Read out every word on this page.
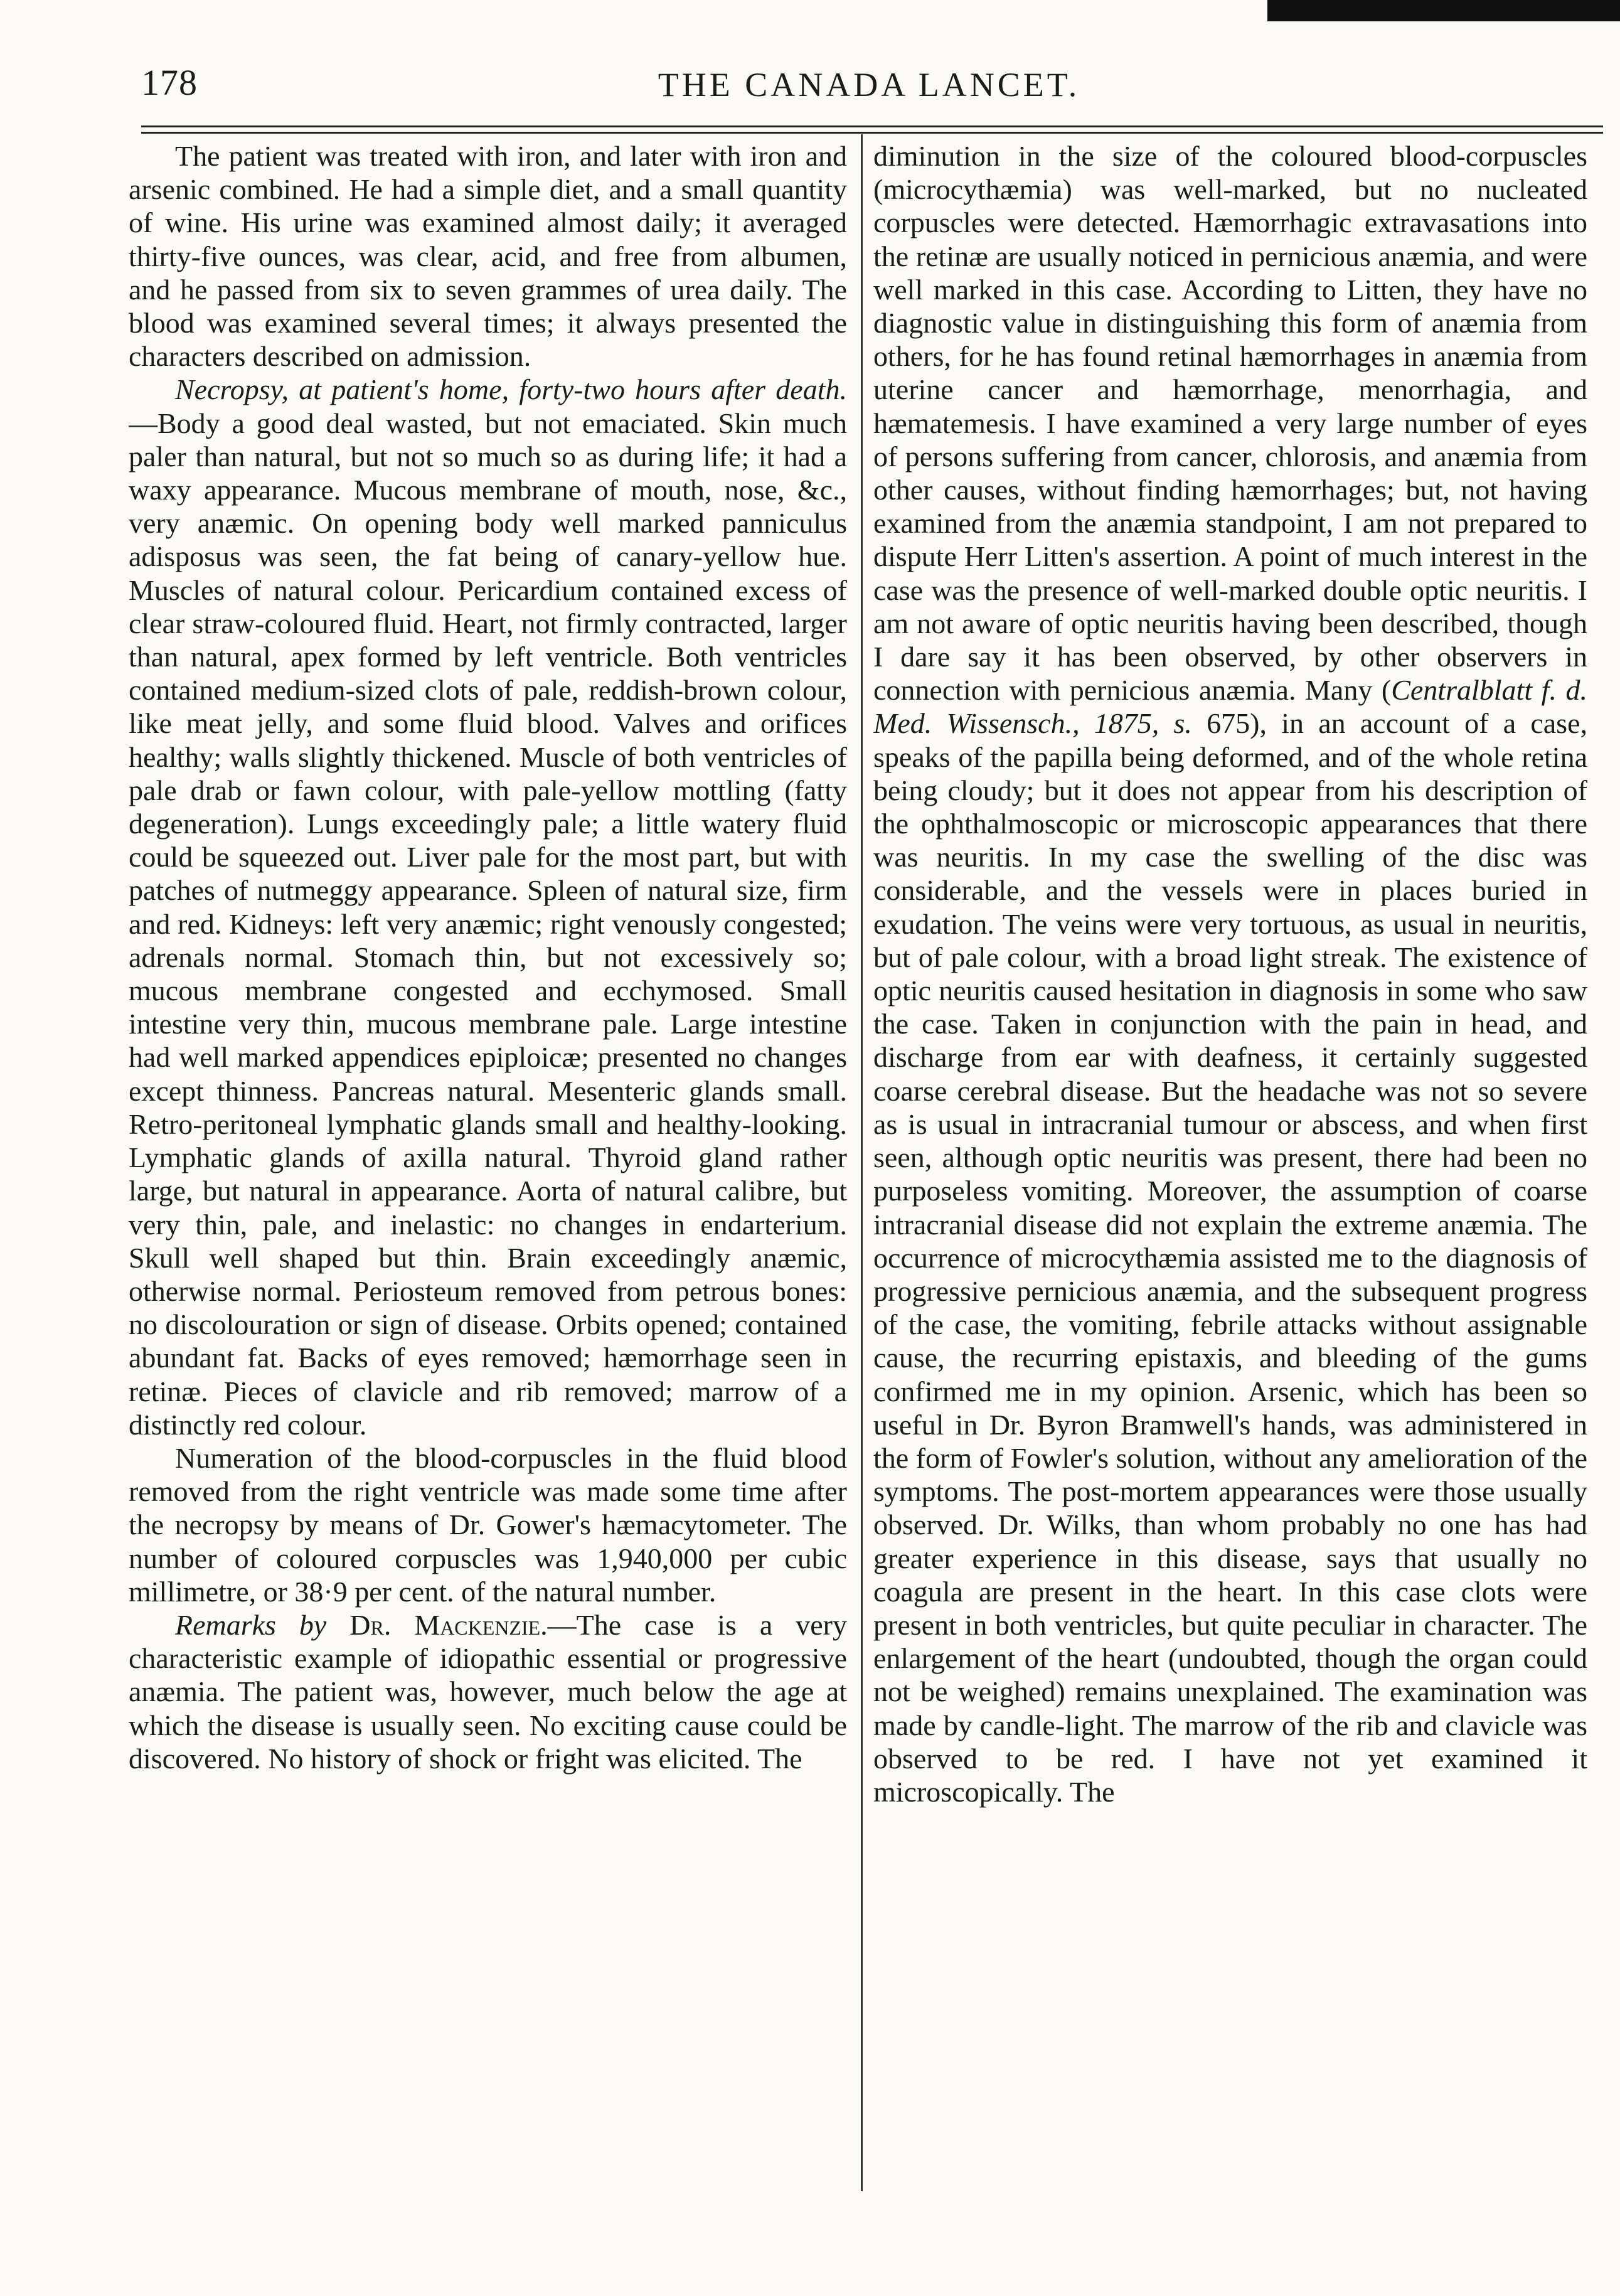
178	THE CANADA LANCET.

The patient was treated with iron, and later with iron and arsenic combined. He had a simple diet, and a small quantity of wine. His urine was examined almost daily; it averaged thirty-five ounces, was clear, acid, and free from albumen, and he passed from six to seven grammes of urea daily. The blood was examined several times; it always presented the characters described on admission.

Necropsy, at patient's home, forty-two hours after death.—Body a good deal wasted, but not emaciated. Skin much paler than natural, but not so much so as during life; it had a waxy appearance. Mucous membrane of mouth, nose, &c., very anæmic. On opening body well marked panniculus adisposus was seen, the fat being of canary-yellow hue. Muscles of natural colour. Pericardium contained excess of clear straw-coloured fluid. Heart, not firmly contracted, larger than natural, apex formed by left ventricle. Both ventricles contained medium-sized clots of pale, reddish-brown colour, like meat jelly, and some fluid blood. Valves and orifices healthy; walls slightly thickened. Muscle of both ventricles of pale drab or fawn colour, with pale-yellow mottling (fatty degeneration). Lungs exceedingly pale; a little watery fluid could be squeezed out. Liver pale for the most part, but with patches of nutmeggy appearance. Spleen of natural size, firm and red. Kidneys: left very anæmic; right venously congested; adrenals normal. Stomach thin, but not excessively so; mucous membrane congested and ecchymosed. Small intestine very thin, mucous membrane pale. Large intestine had well marked appendices epiploicæ; presented no changes except thinness. Pancreas natural. Mesenteric glands small. Retro-peritoneal lymphatic glands small and healthy-looking. Lymphatic glands of axilla natural. Thyroid gland rather large, but natural in appearance. Aorta of natural calibre, but very thin, pale, and inelastic: no changes in endarterium. Skull well shaped but thin. Brain exceedingly anæmic, otherwise normal. Periosteum removed from petrous bones: no discolouration or sign of disease. Orbits opened; contained abundant fat. Backs of eyes removed; hæmorrhage seen in retinæ. Pieces of clavicle and rib removed; marrow of a distinctly red colour.

Numeration of the blood-corpuscles in the fluid blood removed from the right ventricle was made some time after the necropsy by means of Dr. Gower's hæmacytometer. The number of coloured corpuscles was 1,940,000 per cubic millimetre, or 38·9 per cent. of the natural number.

Remarks by Dr. Mackenzie.—The case is a very characteristic example of idiopathic essential or progressive anæmia. The patient was, however, much below the age at which the disease is usually seen. No exciting cause could be discovered. No history of shock or fright was elicited. The

diminution in the size of the coloured blood-corpuscles (microcythæmia) was well-marked, but no nucleated corpuscles were detected. Hæmorrhagic extravasations into the retinæ are usually noticed in pernicious anæmia, and were well marked in this case. According to Litten, they have no diagnostic value in distinguishing this form of anæmia from others, for he has found retinal hæmorrhages in anæmia from uterine cancer and hæmorrhage, menorrhagia, and hæmatemesis. I have examined a very large number of eyes of persons suffering from cancer, chlorosis, and anæmia from other causes, without finding hæmorrhages; but, not having examined from the anæmia standpoint, I am not prepared to dispute Herr Litten's assertion. A point of much interest in the case was the presence of well-marked double optic neuritis. I am not aware of optic neuritis having been described, though I dare say it has been observed, by other observers in connection with pernicious anæmia. Many (Centralblatt f. d. Med. Wissensch., 1875, s. 675), in an account of a case, speaks of the papilla being deformed, and of the whole retina being cloudy; but it does not appear from his description of the ophthalmoscopic or microscopic appearances that there was neuritis. In my case the swelling of the disc was considerable, and the vessels were in places buried in exudation. The veins were very tortuous, as usual in neuritis, but of pale colour, with a broad light streak. The existence of optic neuritis caused hesitation in diagnosis in some who saw the case. Taken in conjunction with the pain in head, and discharge from ear with deafness, it certainly suggested coarse cerebral disease. But the headache was not so severe as is usual in intracranial tumour or abscess, and when first seen, although optic neuritis was present, there had been no purposeless vomiting. Moreover, the assumption of coarse intracranial disease did not explain the extreme anæmia. The occurrence of microcythæmia assisted me to the diagnosis of progressive pernicious anæmia, and the subsequent progress of the case, the vomiting, febrile attacks without assignable cause, the recurring epistaxis, and bleeding of the gums confirmed me in my opinion. Arsenic, which has been so useful in Dr. Byron Bramwell's hands, was administered in the form of Fowler's solution, without any amelioration of the symptoms. The post-mortem appearances were those usually observed. Dr. Wilks, than whom probably no one has had greater experience in this disease, says that usually no coagula are present in the heart. In this case clots were present in both ventricles, but quite peculiar in character. The enlargement of the heart (undoubted, though the organ could not be weighed) remains unexplained. The examination was made by candle-light. The marrow of the rib and clavicle was observed to be red. I have not yet examined it microscopically. The
